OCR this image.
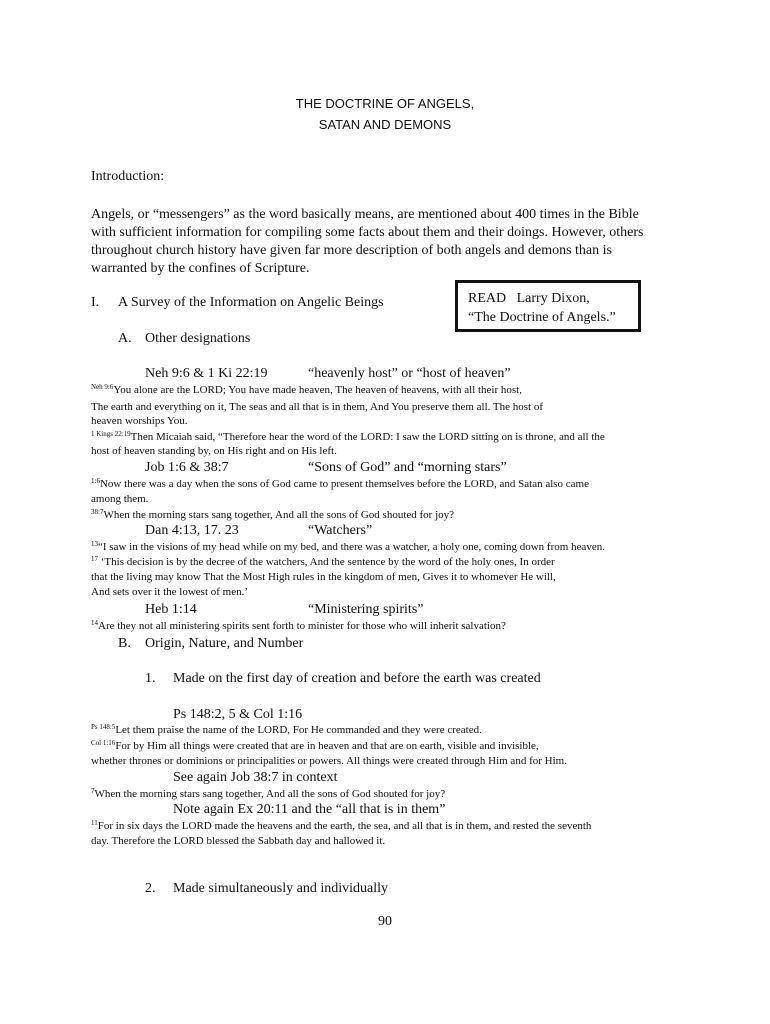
THE DOCTRINE OF ANGELS,
SATAN AND DEMONS
Introduction:
Angels, or “messengers” as the word basically means, are mentioned about 400 times in the Bible with sufficient information for compiling some facts about them and their doings. However, others throughout church history have given far more description of both angels and demons than is warranted by the confines of Scripture.
READ   Larry Dixon,
“The Doctrine of Angels.”
I. A Survey of the Information on Angelic Beings
A. Other designations
Neh 9:6 & 1 Ki 22:19	“heavenly host” or “host of heaven”
$^{Neh 9:6}$You alone are the LORD; You have made heaven, The heaven of heavens, with all their host,
The earth and everything on it, The seas and all that is in them, And You preserve them all. The host of
heaven worships You.
$^{1 Kings 22:19}$Then Micaiah said, “Therefore hear the word of the LORD: I saw the LORD sitting on is throne, and all the
host of heaven standing by, on His right and on His left.
Job 1:6 & 38:7	“Sons of God” and “morning stars”
$^{1:6}$Now there was a day when the sons of God came to present themselves before the LORD, and Satan also came
among them.
$^{38:7}$When the morning stars sang together, And all the sons of God shouted for joy?
Dan 4:13, 17. 23	“Watchers”
$^{13}$“I saw in the visions of my head while on my bed, and there was a watcher, a holy one, coming down from heaven.
$^{17}$ ‘This decision is by the decree of the watchers, And the sentence by the word of the holy ones, In order
that the living may know That the Most High rules in the kingdom of men, Gives it to whomever He will,
And sets over it the lowest of men.’
Heb 1:14	“Ministering spirits”
$^{14}$Are they not all ministering spirits sent forth to minister for those who will inherit salvation?
B. Origin, Nature, and Number
1. Made on the first day of creation and before the earth was created
Ps 148:2, 5 & Col 1:16
$^{Ps 148:5}$Let them praise the name of the LORD, For He commanded and they were created.
$^{Col 1:16}$For by Him all things were created that are in heaven and that are on earth, visible and invisible,
whether thrones or dominions or principalities or powers. All things were created through Him and for Him.
See again Job 38:7 in context
$^7$When the morning stars sang together, And all the sons of God shouted for joy?
Note again Ex 20:11 and the “all that is in them”
$^{11}$For in six days the LORD made the heavens and the earth, the sea, and all that is in them, and rested the seventh
day. Therefore the LORD blessed the Sabbath day and hallowed it.
2. Made simultaneously and individually
90
